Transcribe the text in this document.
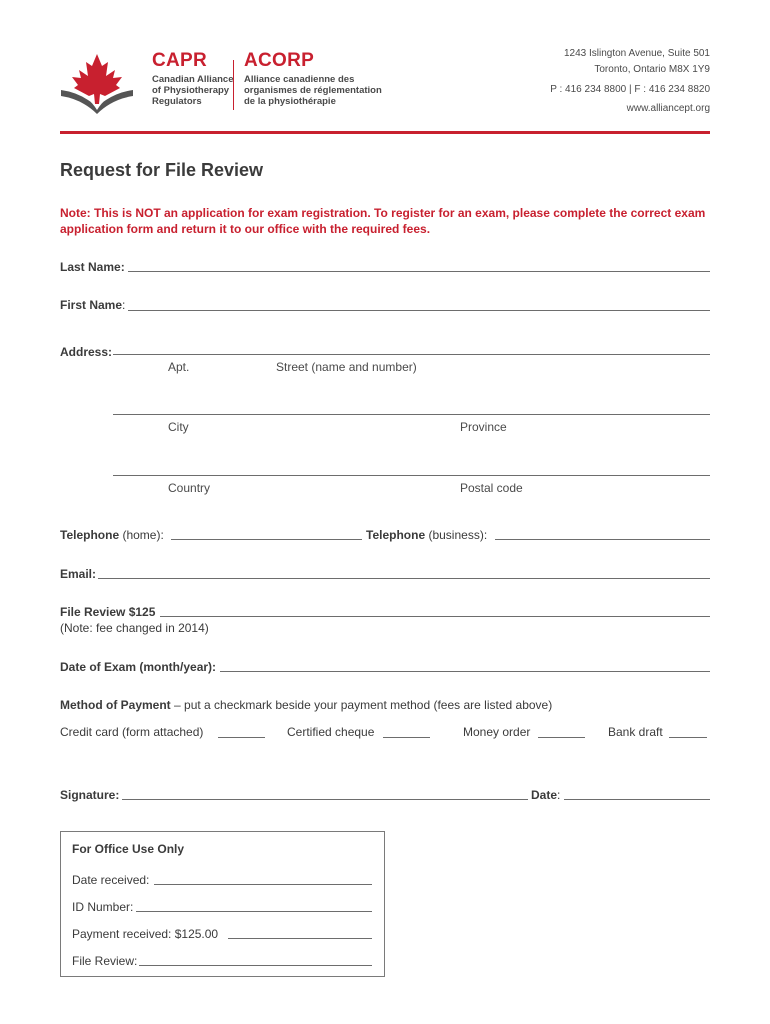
CAPR
Canadian Alliance
of Physiotherapy
Regulators
ACORP
Alliance canadienne des
organismes de réglementation
de la physiothérapie
1243 Islington Avenue, Suite 501
Toronto, Ontario M8X 1Y9
P : 416 234 8800 | F : 416 234 8820
www.alliancept.org
Request for File Review
Note: This is NOT an application for exam registration. To register for an exam, please complete the correct exam application form and return it to our office with the required fees.
Last Name:
First Name:
Address:
Apt.	Street (name and number)
City	Province
Country	Postal code
Telephone (home):	Telephone (business):
Email:
File Review $125
(Note: fee changed in 2014)
Date of Exam (month/year):
Method of Payment – put a checkmark beside your payment method (fees are listed above)
Credit card (form attached)	Certified cheque	Money order	Bank draft
Signature:	Date:
For Office Use Only
Date received:
ID Number:
Payment received: $125.00
File Review:
